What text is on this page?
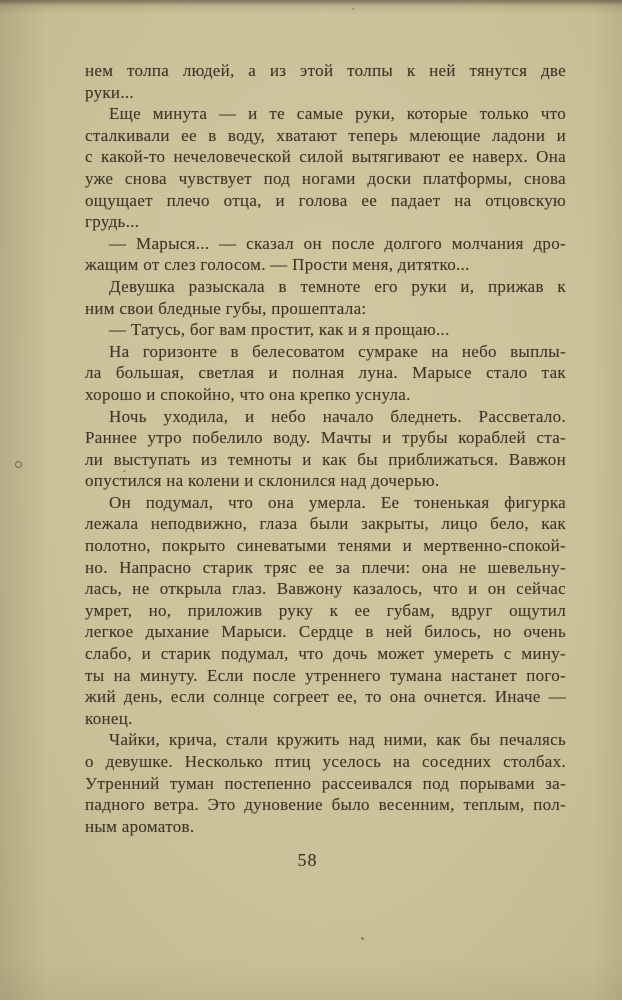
нем толпа людей, а из этой толпы к ней тянутся две
руки...
Еще минута — и те самые руки, которые только что
сталкивали ее в воду, хватают теперь млеющие ладони и
с какой-то нечеловеческой силой вытягивают ее наверх. Она
уже снова чувствует под ногами доски платформы, снова
ощущает плечо отца, и голова ее падает на отцовскую
грудь...
— Марыся... — сказал он после долгого молчания дро-
жащим от слез голосом. — Прости меня, дитятко...
Девушка разыскала в темноте его руки и, прижав к
ним свои бледные губы, прошептала:
— Татусь, бог вам простит, как и я прощаю...
На горизонте в белесоватом сумраке на небо выплы-
ла большая, светлая и полная луна. Марысе стало так
хорошо и спокойно, что она крепко уснула.
Ночь уходила, и небо начало бледнеть. Рассветало.
Раннее утро побелило воду. Мачты и трубы кораблей ста-
ли выступать из темноты и как бы приближаться. Вавжон
опустился на колени и склонился над дочерью.
Он подумал, что она умерла. Ее тоненькая фигурка
лежала неподвижно, глаза были закрыты, лицо бело, как
полотно, покрыто синеватыми тенями и мертвенно-спокой-
но. Напрасно старик тряс ее за плечи: она не шевельну-
лась, не открыла глаз. Вавжону казалось, что и он сейчас
умрет, но, приложив руку к ее губам, вдруг ощутил
легкое дыхание Марыси. Сердце в ней билось, но очень
слабо, и старик подумал, что дочь может умереть с мину-
ты на минуту. Если после утреннего тумана настанет пого-
жий день, если солнце согреет ее, то она очнется. Иначе —
конец.
Чайки, крича, стали кружить над ними, как бы печалясь
о девушке. Несколько птиц уселось на соседних столбах.
Утренний туман постепенно рассеивался под порывами за-
падного ветра. Это дуновение было весенним, теплым, пол-
ным ароматов.
58
